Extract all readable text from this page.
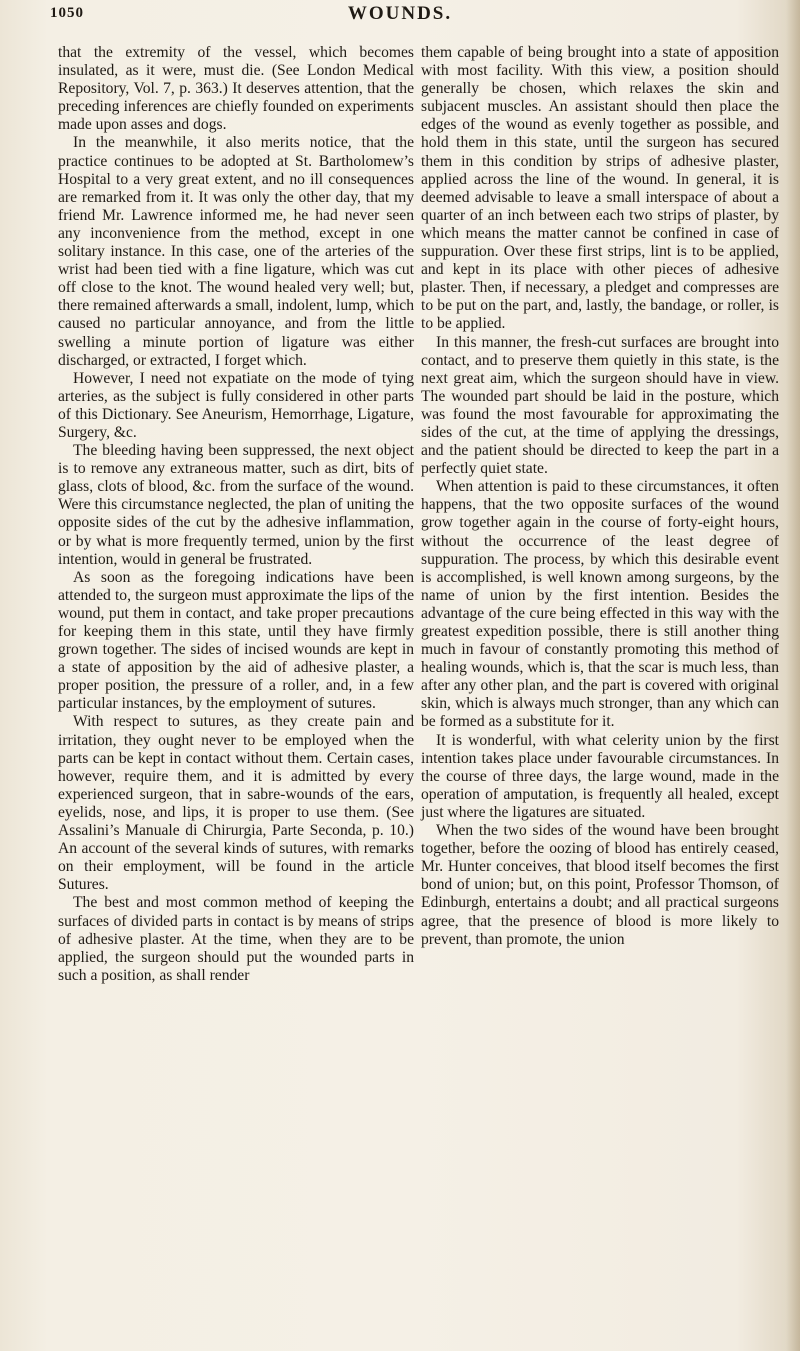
1050	WOUNDS.

that the extremity of the vessel, which becomes insulated, as it were, must die. (See London Medical Repository, Vol. 7, p. 363.) It deserves attention, that the preceding inferences are chiefly founded on experiments made upon asses and dogs.

In the meanwhile, it also merits notice, that the practice continues to be adopted at St. Bartholomew’s Hospital to a very great extent, and no ill consequences are remarked from it. It was only the other day, that my friend Mr. Lawrence informed me, he had never seen any inconvenience from the method, except in one solitary instance. In this case, one of the arteries of the wrist had been tied with a fine ligature, which was cut off close to the knot. The wound healed very well; but, there remained afterwards a small, indolent, lump, which caused no particular annoyance, and from the little swelling a minute portion of ligature was either discharged, or extracted, I forget which.

However, I need not expatiate on the mode of tying arteries, as the subject is fully considered in other parts of this Dictionary. See Aneurism, Hemorrhage, Ligature, Surgery, &c.

The bleeding having been suppressed, the next object is to remove any extraneous matter, such as dirt, bits of glass, clots of blood, &c. from the surface of the wound. Were this circumstance neglected, the plan of uniting the opposite sides of the cut by the adhesive inflammation, or by what is more frequently termed, union by the first intention, would in general be frustrated.

As soon as the foregoing indications have been attended to, the surgeon must approximate the lips of the wound, put them in contact, and take proper precautions for keeping them in this state, until they have firmly grown together. The sides of incised wounds are kept in a state of apposition by the aid of adhesive plaster, a proper position, the pressure of a roller, and, in a few particular instances, by the employment of sutures.

With respect to sutures, as they create pain and irritation, they ought never to be employed when the parts can be kept in contact without them. Certain cases, however, require them, and it is admitted by every experienced surgeon, that in sabre-wounds of the ears, eyelids, nose, and lips, it is proper to use them. (See Assalini’s Manuale di Chirurgia, Parte Seconda, p. 10.) An account of the several kinds of sutures, with remarks on their employment, will be found in the article Sutures.

The best and most common method of keeping the surfaces of divided parts in contact is by means of strips of adhesive plaster. At the time, when they are to be applied, the surgeon should put the wounded parts in such a position, as shall render

them capable of being brought into a state of apposition with most facility. With this view, a position should generally be chosen, which relaxes the skin and subjacent muscles. An assistant should then place the edges of the wound as evenly together as possible, and hold them in this state, until the surgeon has secured them in this condition by strips of adhesive plaster, applied across the line of the wound. In general, it is deemed advisable to leave a small interspace of about a quarter of an inch between each two strips of plaster, by which means the matter cannot be confined in case of suppuration. Over these first strips, lint is to be applied, and kept in its place with other pieces of adhesive plaster. Then, if necessary, a pledget and compresses are to be put on the part, and, lastly, the bandage, or roller, is to be applied.

In this manner, the fresh-cut surfaces are brought into contact, and to preserve them quietly in this state, is the next great aim, which the surgeon should have in view. The wounded part should be laid in the posture, which was found the most favourable for approximating the sides of the cut, at the time of applying the dressings, and the patient should be directed to keep the part in a perfectly quiet state.

When attention is paid to these circumstances, it often happens, that the two opposite surfaces of the wound grow together again in the course of forty-eight hours, without the occurrence of the least degree of suppuration. The process, by which this desirable event is accomplished, is well known among surgeons, by the name of union by the first intention. Besides the advantage of the cure being effected in this way with the greatest expedition possible, there is still another thing much in favour of constantly promoting this method of healing wounds, which is, that the scar is much less, than after any other plan, and the part is covered with original skin, which is always much stronger, than any which can be formed as a substitute for it.

It is wonderful, with what celerity union by the first intention takes place under favourable circumstances. In the course of three days, the large wound, made in the operation of amputation, is frequently all healed, except just where the ligatures are situated.

When the two sides of the wound have been brought together, before the oozing of blood has entirely ceased, Mr. Hunter conceives, that blood itself becomes the first bond of union; but, on this point, Professor Thomson, of Edinburgh, entertains a doubt; and all practical surgeons agree, that the presence of blood is more likely to prevent, than promote, the union
